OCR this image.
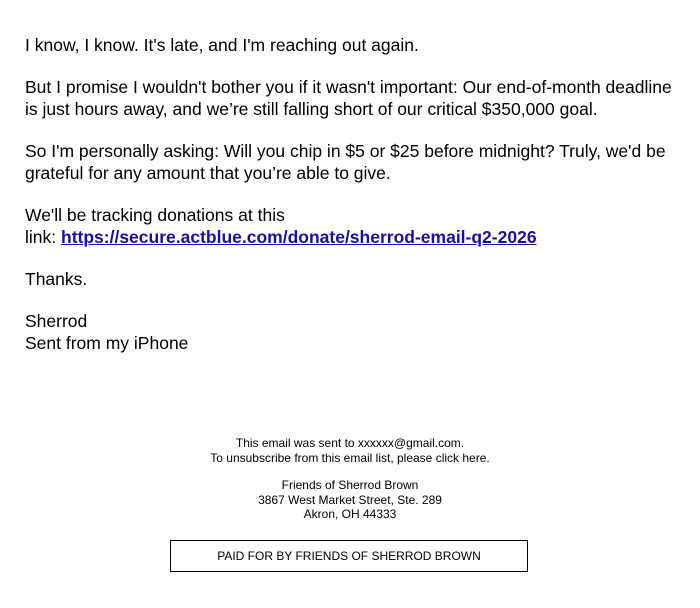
I know, I know. It's late, and I'm reaching out again.

But I promise I wouldn't bother you if it wasn't important: Our end-of-month deadline is just hours away, and we’re still falling short of our critical $350,000 goal.

So I'm personally asking: Will you chip in $5 or $25 before midnight? Truly, we'd be grateful for any amount that you’re able to give.

We'll be tracking donations at this
link: https://secure.actblue.com/donate/sherrod-email-q2-2026

Thanks.

Sherrod
Sent from my iPhone

This email was sent to xxxxxx@gmail.com.
To unsubscribe from this email list, please click here.

Friends of Sherrod Brown
3867 West Market Street, Ste. 289
Akron, OH 44333

PAID FOR BY FRIENDS OF SHERROD BROWN
